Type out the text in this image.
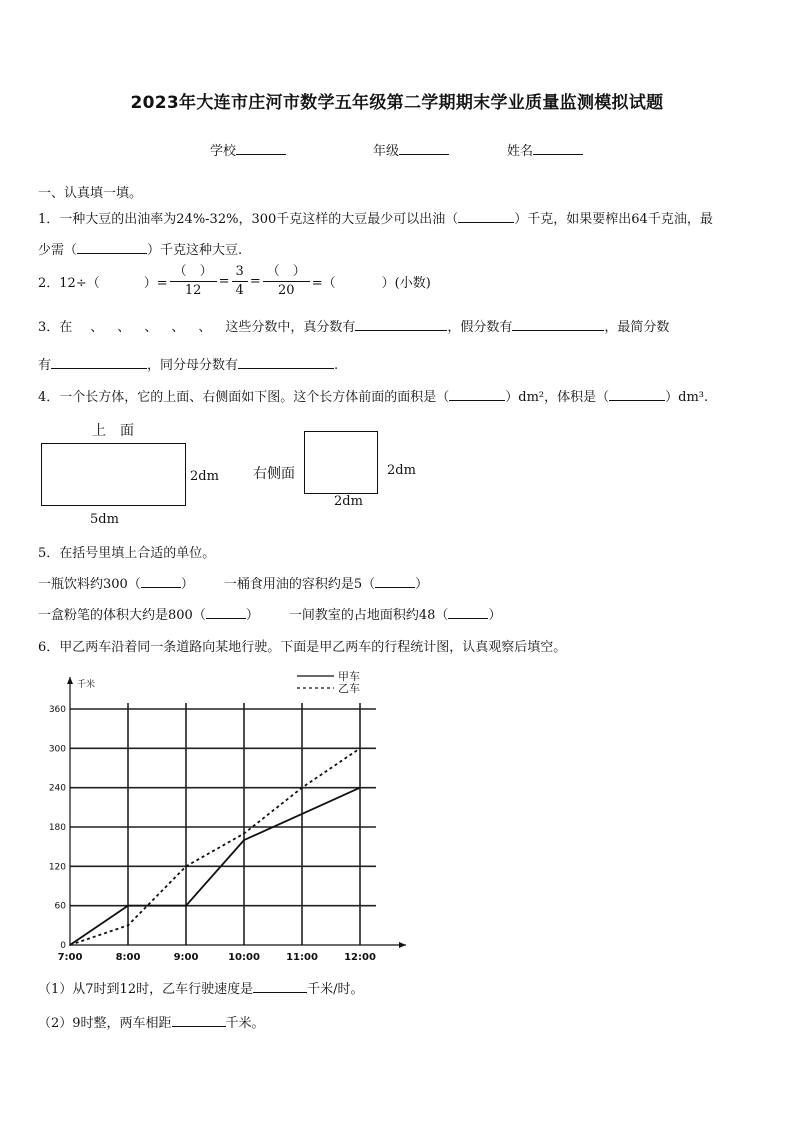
2023年大连市庄河市数学五年级第二学期期末学业质量监测模拟试题
学校	年级	姓名
一、认真填一填。
1．一种大豆的出油率为24%-32%，300千克这样的大豆最少可以出油（	）千克，如果要榨出64千克油，最
少需（	）千克这种大豆.
2．12÷（	）= $\frac{( )}{12} = \frac{3}{4} = \frac{( )}{20}$ =（	）(小数)
3．在 、 、 、 、 、 这些分数中，真分数有	，假分数有	，最简分数
有	，同分母分数有	.
4．一个长方体，它的上面、右侧面如下图。这个长方体前面的面积是（	）dm²，体积是（	）dm³.
上　面
2dm
5dm
右侧面	2dm
2dm
5．在括号里填上合适的单位。
一瓶饮料约300（	） 一桶食用油的容积约是5（	）
一盒粉笔的体积大约是800（	） 一间教室的占地面积约48（	）
6．甲乙两车沿着同一条道路向某地行驶。下面是甲乙两车的行程统计图，认真观察后填空。
0
60
120
180
240
300
360
7:00	8:00	9:00	10:00	11:00	12:00
千米
甲车
乙车
（1）从7时到12时，乙车行驶速度是	千米/时。
（2）9时整，两车相距	千米。
